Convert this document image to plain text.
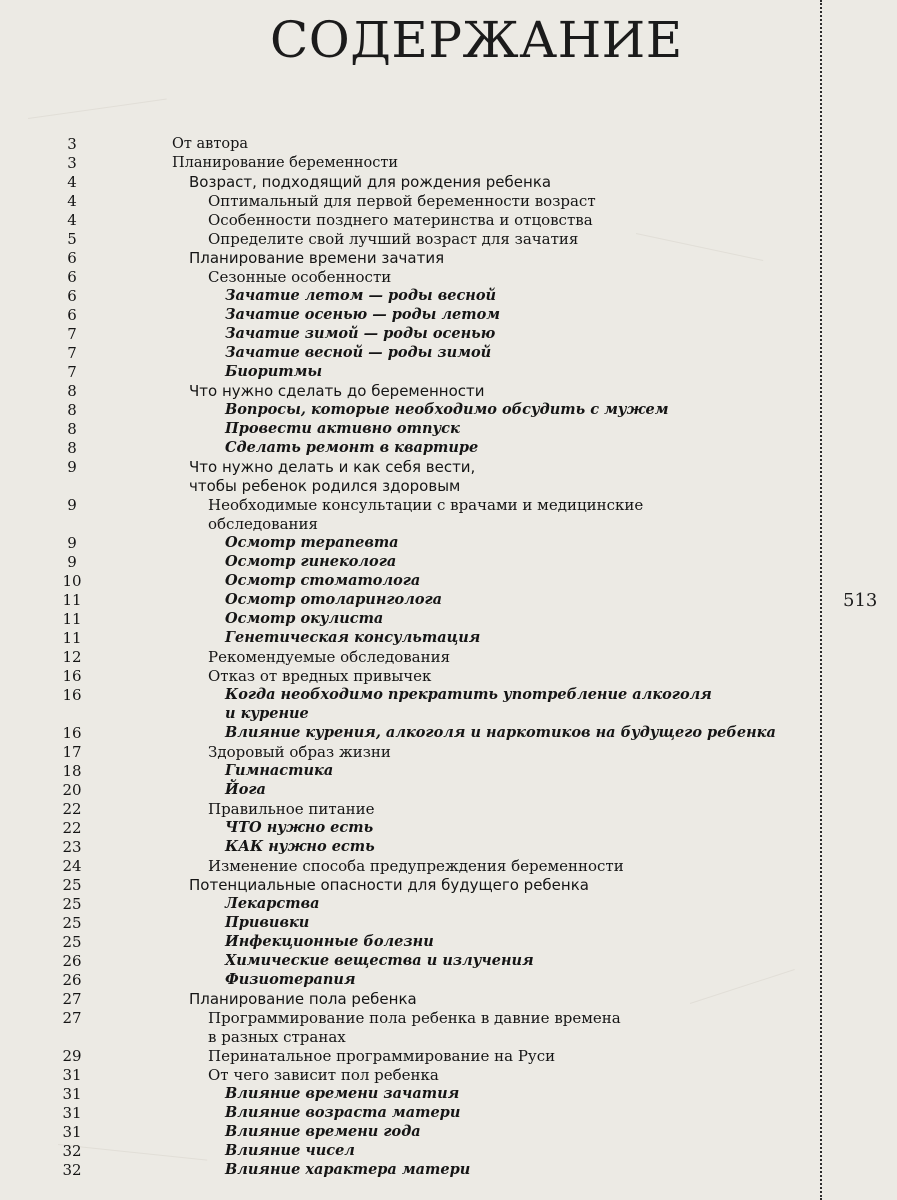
СОДЕРЖАНИЕ
513
3	От автора
3	Планирование беременности
4	Возраст, подходящий для рождения ребенка
4	Оптимальный для первой беременности возраст
4	Особенности позднего материнства и отцовства
5	Определите свой лучший возраст для зачатия
6	Планирование времени зачатия
6	Сезонные особенности
6	Зачатие летом — роды весной
6	Зачатие осенью — роды летом
7	Зачатие зимой — роды осенью
7	Зачатие весной — роды зимой
7	Биоритмы
8	Что нужно сделать до беременности
8	Вопросы, которые необходимо обсудить с мужем
8	Провести активно отпуск
8	Сделать ремонт в квартире
9	Что нужно делать и как себя вести,
чтобы ребенок родился здоровым
9	Необходимые консультации с врачами и медицинские
обследования
9	Осмотр терапевта
9	Осмотр гинеколога
10	Осмотр стоматолога
11	Осмотр отоларинголога
11	Осмотр окулиста
11	Генетическая консультация
12	Рекомендуемые обследования
16	Отказ от вредных привычек
16	Когда необходимо прекратить употребление алкоголя
и курение
16	Влияние курения, алкоголя и наркотиков на будущего ребенка
17	Здоровый образ жизни
18	Гимнастика
20	Йога
22	Правильное питание
22	ЧТО нужно есть
23	КАК нужно есть
24	Изменение способа предупреждения беременности
25	Потенциальные опасности для будущего ребенка
25	Лекарства
25	Прививки
25	Инфекционные болезни
26	Химические вещества и излучения
26	Физиотерапия
27	Планирование пола ребенка
27	Программирование пола ребенка в давние времена
в разных странах
29	Перинатальное программирование на Руси
31	От чего зависит пол ребенка
31	Влияние времени зачатия
31	Влияние возраста матери
31	Влияние времени года
32	Влияние чисел
32	Влияние характера матери
